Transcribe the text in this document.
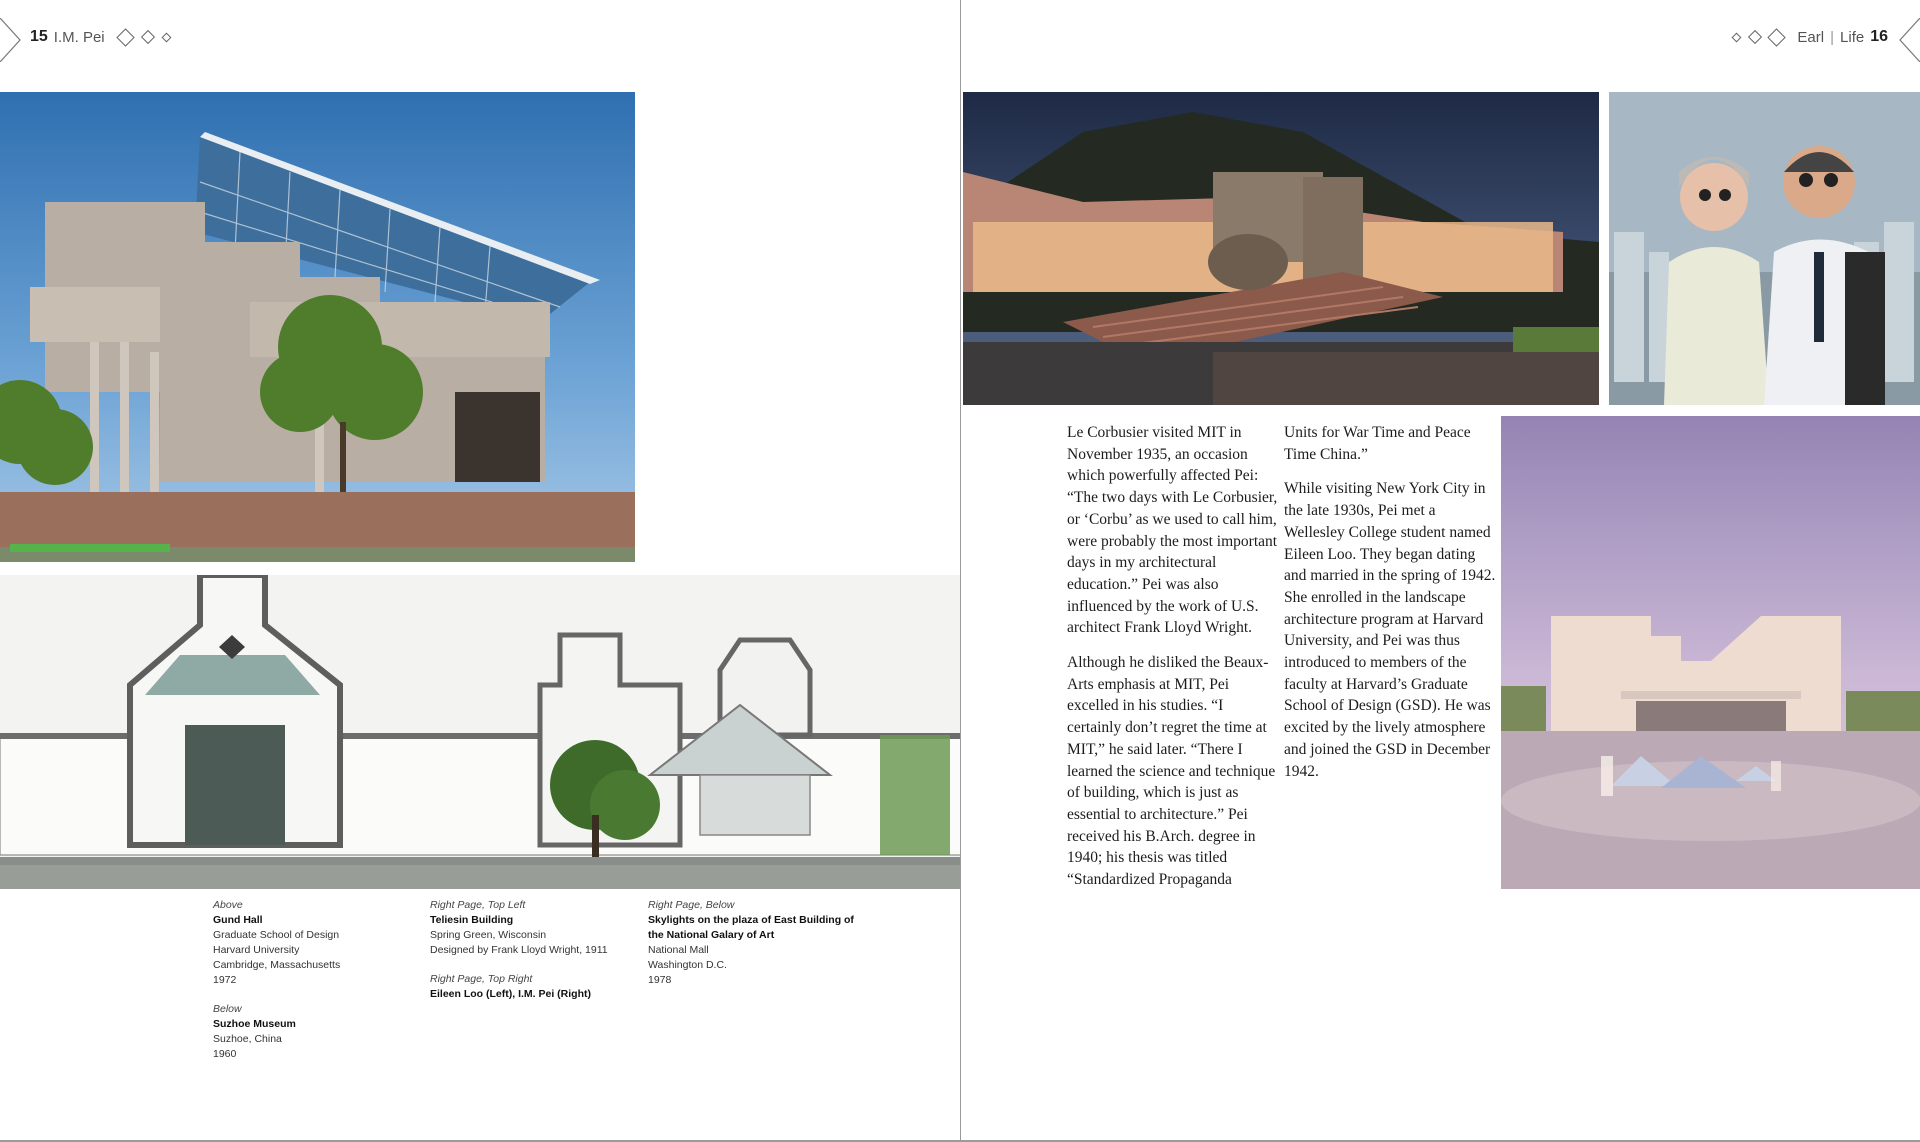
15 I.M. Pei
Above
Gund Hall
Graduate School of Design
Harvard University
Cambridge, Massachusetts
1972
Below
Suzhoe Museum
Suzhoe, China
1960
Right Page, Top Left
Teliesin Building
Spring Green, Wisconsin
Designed by Frank Lloyd Wright, 1911
Right Page, Top Right
Eileen Loo (Left), I.M. Pei (Right)
Right Page, Below
Skylights on the plaza of East Building of
the National Galary of Art
National Mall
Washington D.C.
1978
Earl | Life 16

Le Corbusier visited MIT in November 1935, an occasion which powerfully affected Pei: “The two days with Le Corbusier, or ‘Corbu’ as we used to call him, were probably the most important days in my architectural education.” Pei was also influenced by the work of U.S. architect Frank Lloyd Wright.

Although he disliked the Beaux-Arts emphasis at MIT, Pei excelled in his studies. “I certainly don’t regret the time at MIT,” he said later. “There I learned the science and technique of building, which is just as essential to architecture.” Pei received his B.Arch. degree in 1940; his thesis was titled “Standardized Propaganda

Units for War Time and Peace Time China.”

While visiting New York City in the late 1930s, Pei met a Wellesley College student named Eileen Loo. They began dating and married in the spring of 1942. She enrolled in the landscape architecture program at Harvard University, and Pei was thus introduced to members of the faculty at Harvard’s Graduate School of Design (GSD). He was excited by the lively atmosphere and joined the GSD in December 1942.
